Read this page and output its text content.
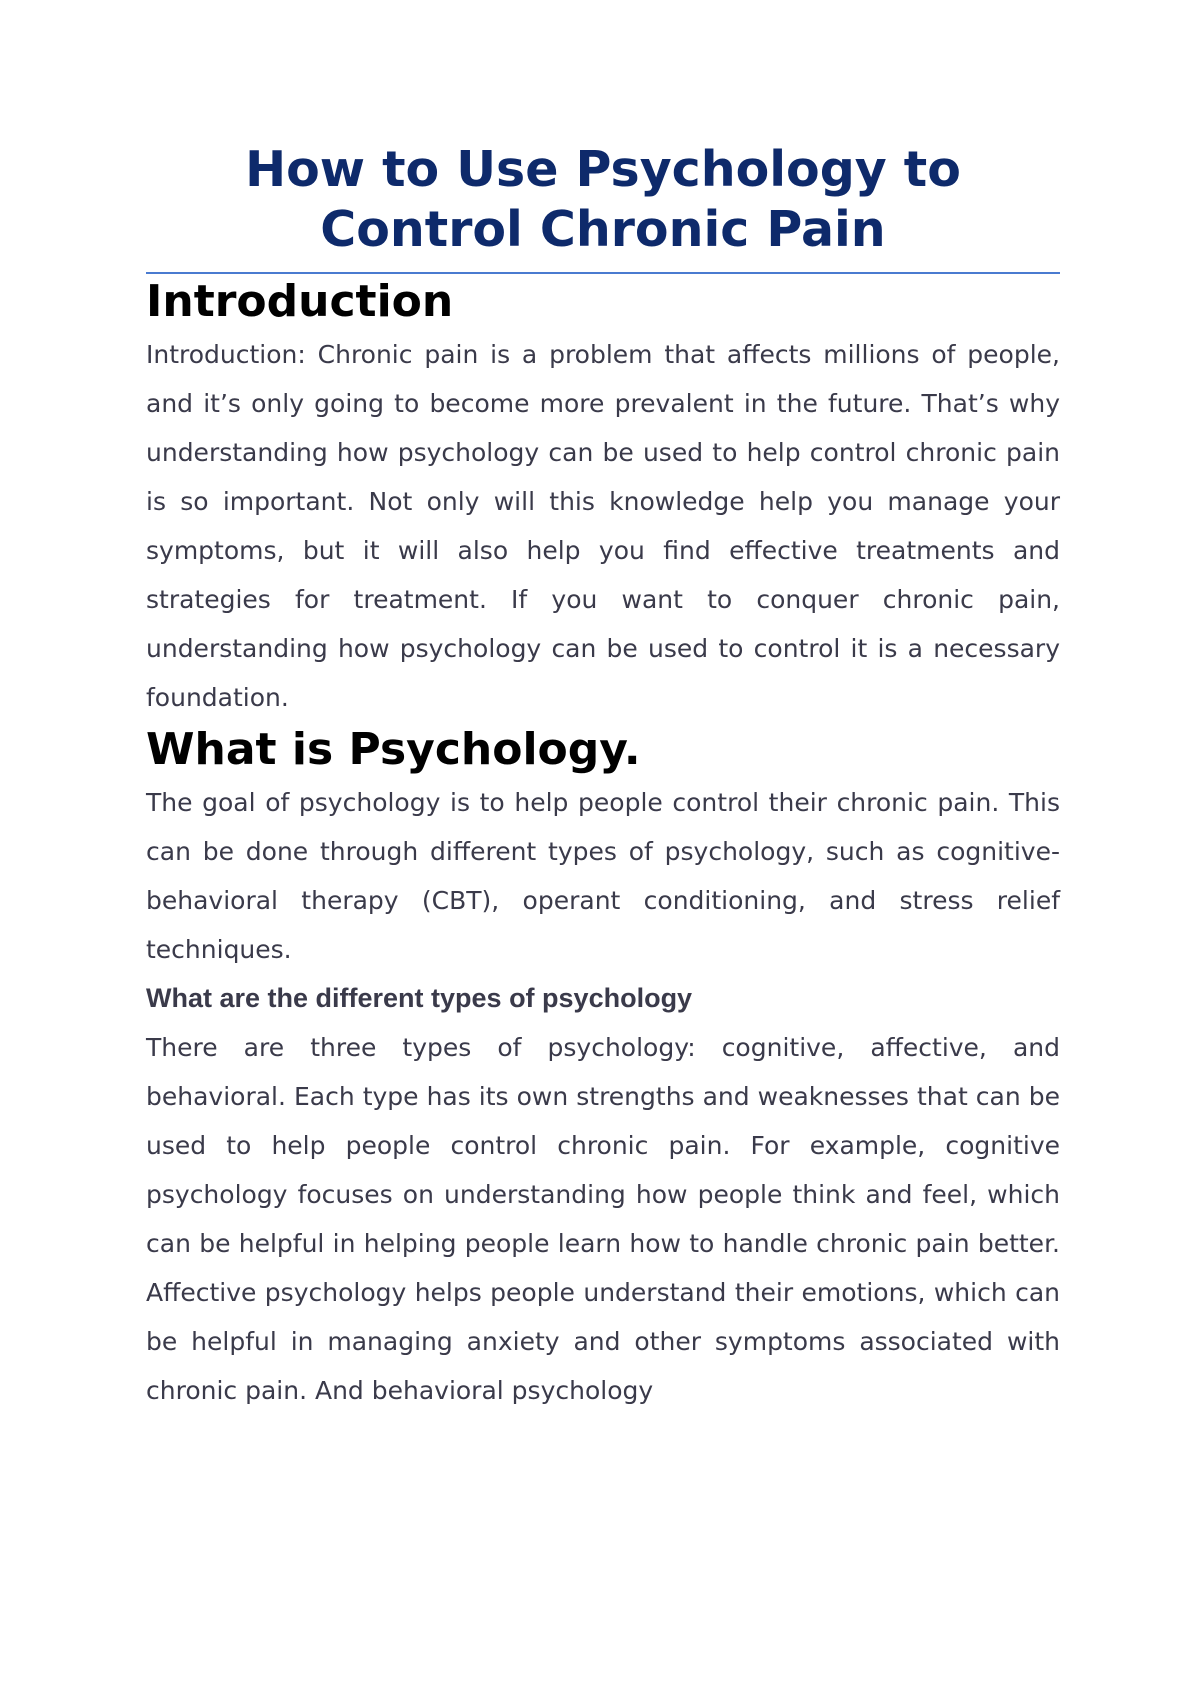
How to Use Psychology to
Control Chronic Pain
Introduction

Introduction: Chronic pain is a problem that affects millions of people, and it’s only going to become more prevalent in the future. That’s why understanding how psychology can be used to help control chronic pain is so important. Not only will this knowledge help you manage your symptoms, but it will also help you find effective treatments and strategies for treatment. If you want to conquer chronic pain, understanding how psychology can be used to control it is a necessary foundation.

What is Psychology.

The goal of psychology is to help people control their chronic pain. This can be done through different types of psychology, such as cognitive-behavioral therapy (CBT), operant conditioning, and stress relief techniques.

What are the different types of psychology

There are three types of psychology: cognitive, affective, and behavioral. Each type has its own strengths and weaknesses that can be used to help people control chronic pain. For example, cognitive psychology focuses on understanding how people think and feel, which can be helpful in helping people learn how to handle chronic pain better. Affective psychology helps people understand their emotions, which can be helpful in managing anxiety and other symptoms associated with chronic pain. And behavioral psychology
